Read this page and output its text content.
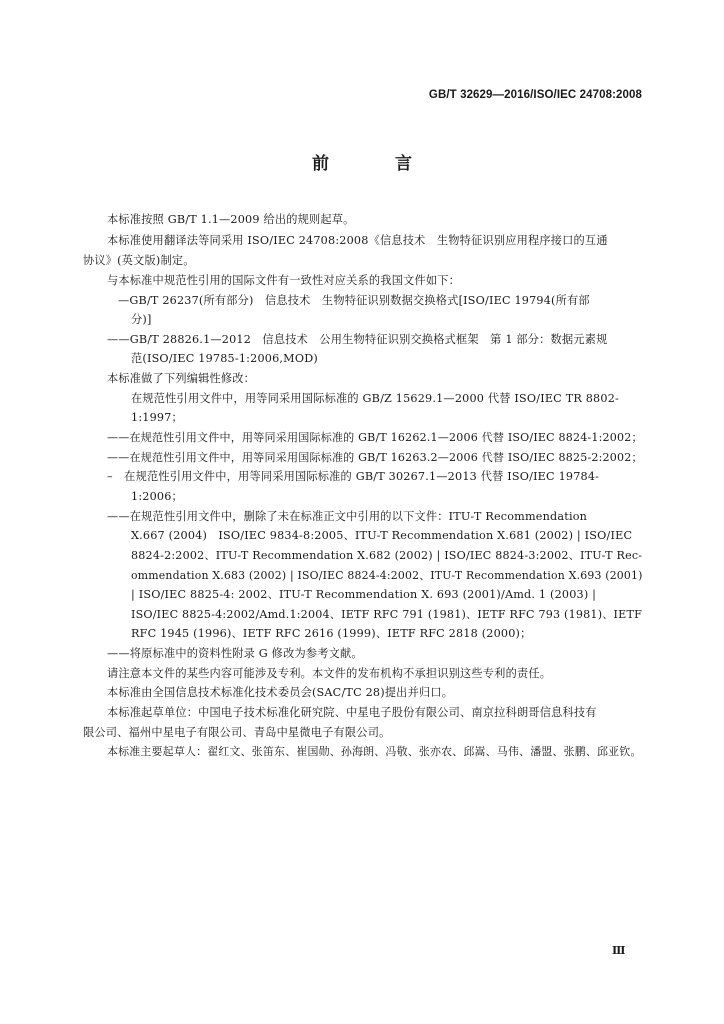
GB/T 32629—2016/ISO/IEC 24708:2008
前 言
本标准按照 GB/T 1.1—2009 给出的规则起草。
本标准使用翻译法等同采用 ISO/IEC 24708:2008《信息技术　生物特征识别应用程序接口的互通
协议》(英文版)制定。
与本标准中规范性引用的国际文件有一致性对应关系的我国文件如下：
—GB/T 26237(所有部分)　信息技术　生物特征识别数据交换格式[ISO/IEC 19794(所有部
分)]
——GB/T 28826.1—2012　信息技术　公用生物特征识别交换格式框架　第 1 部分：数据元素规
范(ISO/IEC 19785-1:2006,MOD)
本标准做了下列编辑性修改：
在规范性引用文件中，用等同采用国际标准的 GB/Z 15629.1—2000 代替 ISO/IEC TR 8802-
1:1997；
——在规范性引用文件中，用等同采用国际标准的 GB/T 16262.1—2006 代替 ISO/IEC 8824-1:2002；
——在规范性引用文件中，用等同采用国际标准的 GB/T 16263.2—2006 代替 ISO/IEC 8825-2:2002；
–　在规范性引用文件中，用等同采用国际标准的 GB/T 30267.1—2013 代替 ISO/IEC 19784-
1:2006；
——在规范性引用文件中，删除了未在标准正文中引用的以下文件：ITU-T Recommendation
X.667 (2004)　ISO/IEC 9834-8:2005、ITU-T Recommendation X.681 (2002) | ISO/IEC
8824-2:2002、ITU-T Recommendation X.682 (2002) | ISO/IEC 8824-3:2002、ITU-T Rec-
ommendation X.683 (2002) | ISO/IEC 8824-4:2002、ITU-T Recommendation X.693 (2001)
| ISO/IEC 8825-4: 2002、ITU-T Recommendation X. 693 (2001)/Amd. 1 (2003) |
ISO/IEC 8825-4:2002/Amd.1:2004、IETF RFC 791 (1981)、IETF RFC 793 (1981)、IETF
RFC 1945 (1996)、IETF RFC 2616 (1999)、IETF RFC 2818 (2000)；
——将原标准中的资料性附录 G 修改为参考文献。
请注意本文件的某些内容可能涉及专利。本文件的发布机构不承担识别这些专利的责任。
本标准由全国信息技术标准化技术委员会(SAC/TC 28)提出并归口。
本标准起草单位：中国电子技术标准化研究院、中星电子股份有限公司、南京拉科朗哥信息科技有
限公司、福州中星电子有限公司、青岛中星微电子有限公司。
本标准主要起草人：翟红文、张笛东、崔国勋、孙海朗、冯敬、张亦农、邱嵩、马伟、潘盟、张鹏、邱亚钦。
Ⅲ
